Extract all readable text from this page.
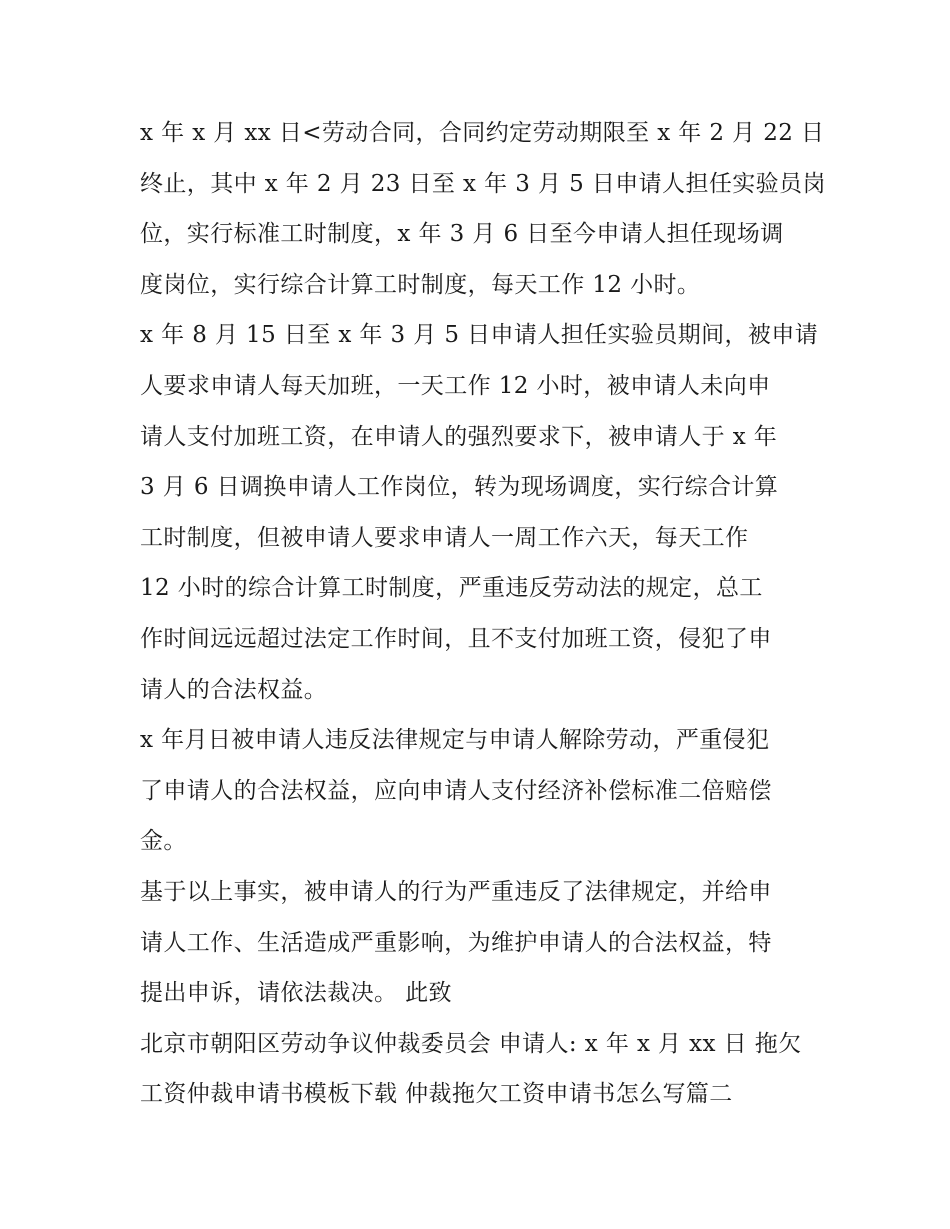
x 年 x 月 xx 日<劳动合同，合同约定劳动期限至 x 年 2 月 22 日
终止，其中 x 年 2 月 23 日至 x 年 3 月 5 日申请人担任实验员岗
位，实行标准工时制度，x 年 3 月 6 日至今申请人担任现场调
度岗位，实行综合计算工时制度，每天工作 12 小时。
x 年 8 月 15 日至 x 年 3 月 5 日申请人担任实验员期间，被申请
人要求申请人每天加班，一天工作 12 小时，被申请人未向申
请人支付加班工资，在申请人的强烈要求下，被申请人于 x 年
3 月 6 日调换申请人工作岗位，转为现场调度，实行综合计算
工时制度，但被申请人要求申请人一周工作六天，每天工作
12 小时的综合计算工时制度，严重违反劳动法的规定，总工
作时间远远超过法定工作时间，且不支付加班工资，侵犯了申
请人的合法权益。
x 年月日被申请人违反法律规定与申请人解除劳动，严重侵犯
了申请人的合法权益，应向申请人支付经济补偿标准二倍赔偿
金。
基于以上事实，被申请人的行为严重违反了法律规定，并给申
请人工作、生活造成严重影响，为维护申请人的合法权益，特
提出申诉，请依法裁决。 此致
北京市朝阳区劳动争议仲裁委员会 申请人: x 年 x 月 xx 日 拖欠
工资仲裁申请书模板下载 仲裁拖欠工资申请书怎么写篇二
